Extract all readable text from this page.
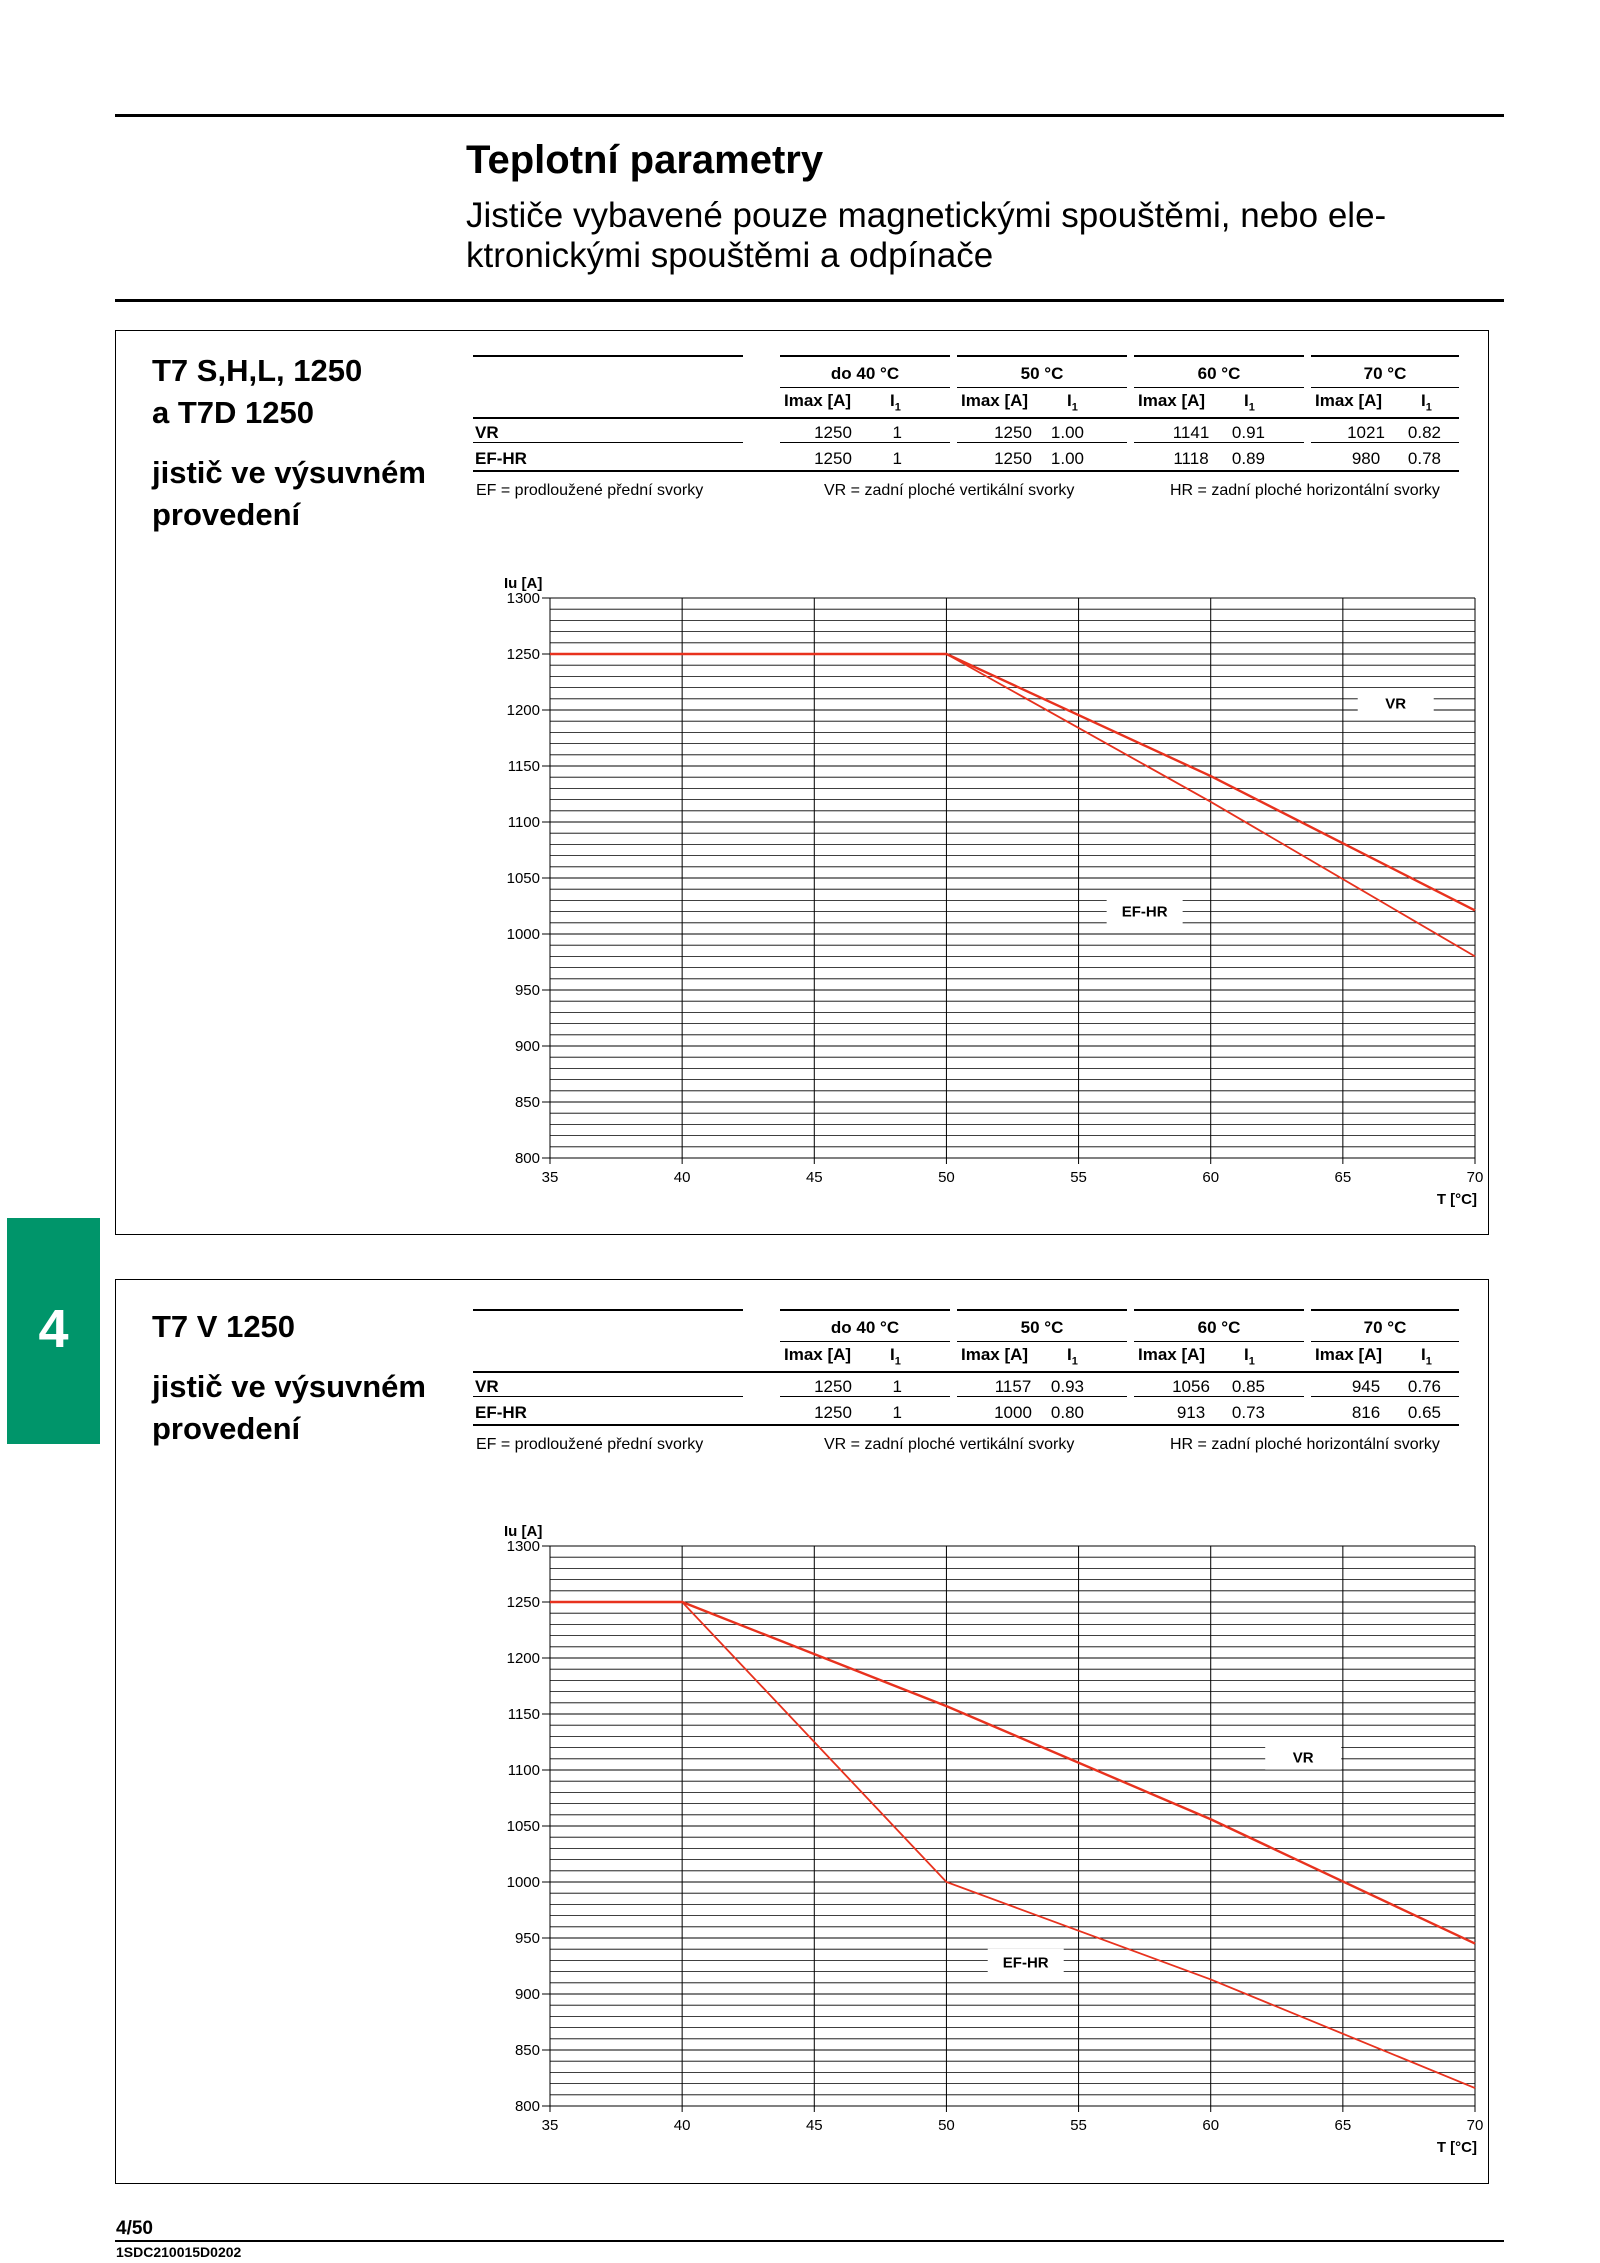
Teplotní parametry
Jističe vybavené pouze magnetickými spouštěmi, nebo ele-
ktronickými spouštěmi a odpínače
4
T7 S,H,L, 1250
a T7D 1250
jistič ve výsuvném
provedení
do 40 °C
Imax [A] $I_1$
50 °C
Imax [A] $I_1$
60 °C
Imax [A] $I_1$
70 °C
Imax [A] $I_1$
VR	1250 1	1250 1.00	1141 0.91	1021 0.82
EF-HR	1250 1	1250 1.00	1118 0.89	980 0.78
EF = prodloužené přední svorky	VR = zadní ploché vertikální svorky	HR = zadní ploché horizontální svorky
800
850
900
950
1000
1050
1100
1150
1200
1250
1300
35	40	45	50	55	60	65	70
Iu [A]
T [°C]
VR
EF-HR
T7 V 1250
jistič ve výsuvném
provedení
do 40 °C
Imax [A] $I_1$
50 °C
Imax [A] $I_1$
60 °C
Imax [A] $I_1$
70 °C
Imax [A] $I_1$
VR	1250 1	1157 0.93	1056 0.85	945 0.76
EF-HR	1250 1	1000 0.80	913 0.73	816 0.65
EF = prodloužené přední svorky	VR = zadní ploché vertikální svorky	HR = zadní ploché horizontální svorky
800
850
900
950
1000
1050
1100
1150
1200
1250
1300
35	40	45	50	55	60	65	70
Iu [A]
T [°C]
VR
EF-HR
4/50
1SDC210015D0202
